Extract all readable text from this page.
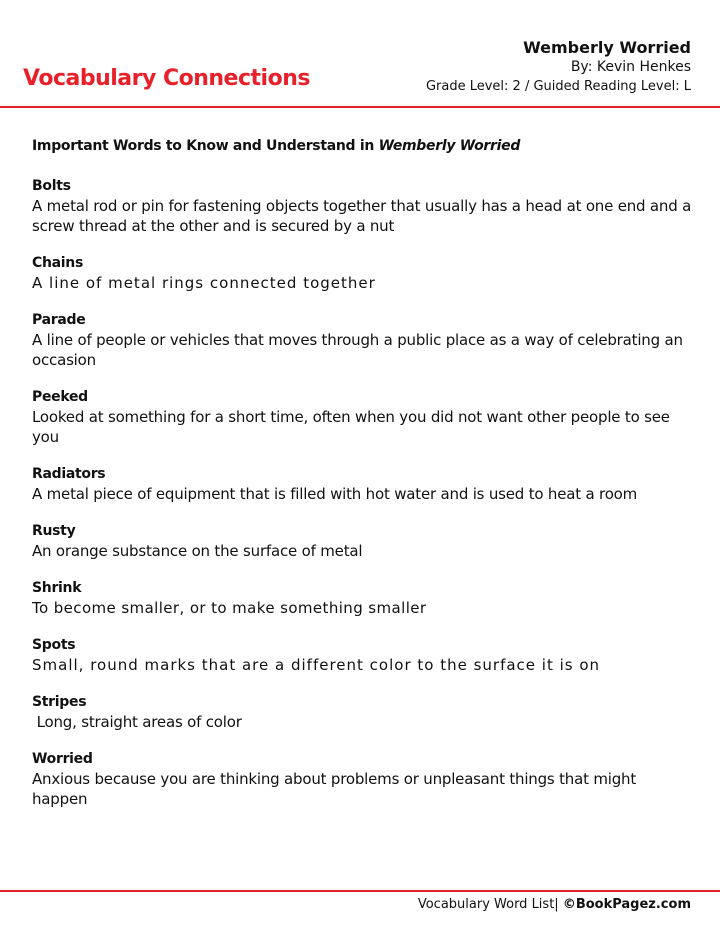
Vocabulary Connections
Wemberly Worried
By: Kevin Henkes
Grade Level: 2 / Guided Reading Level: L
Important Words to Know and Understand in Wemberly Worried
Bolts
A metal rod or pin for fastening objects together that usually has a head at one end and a screw thread at the other and is secured by a nut
Chains
A line of metal rings connected together
Parade
A line of people or vehicles that moves through a public place as a way of celebrating an occasion
Peeked
Looked at something for a short time, often when you did not want other people to see you
Radiators
A metal piece of equipment that is filled with hot water and is used to heat a room
Rusty
An orange substance on the surface of metal
Shrink
To become smaller, or to make something smaller
Spots
Small, round marks that are a different color to the surface it is on
Stripes
Long, straight areas of color
Worried
Anxious because you are thinking about problems or unpleasant things that might happen
Vocabulary Word List| ©BookPagez.com
